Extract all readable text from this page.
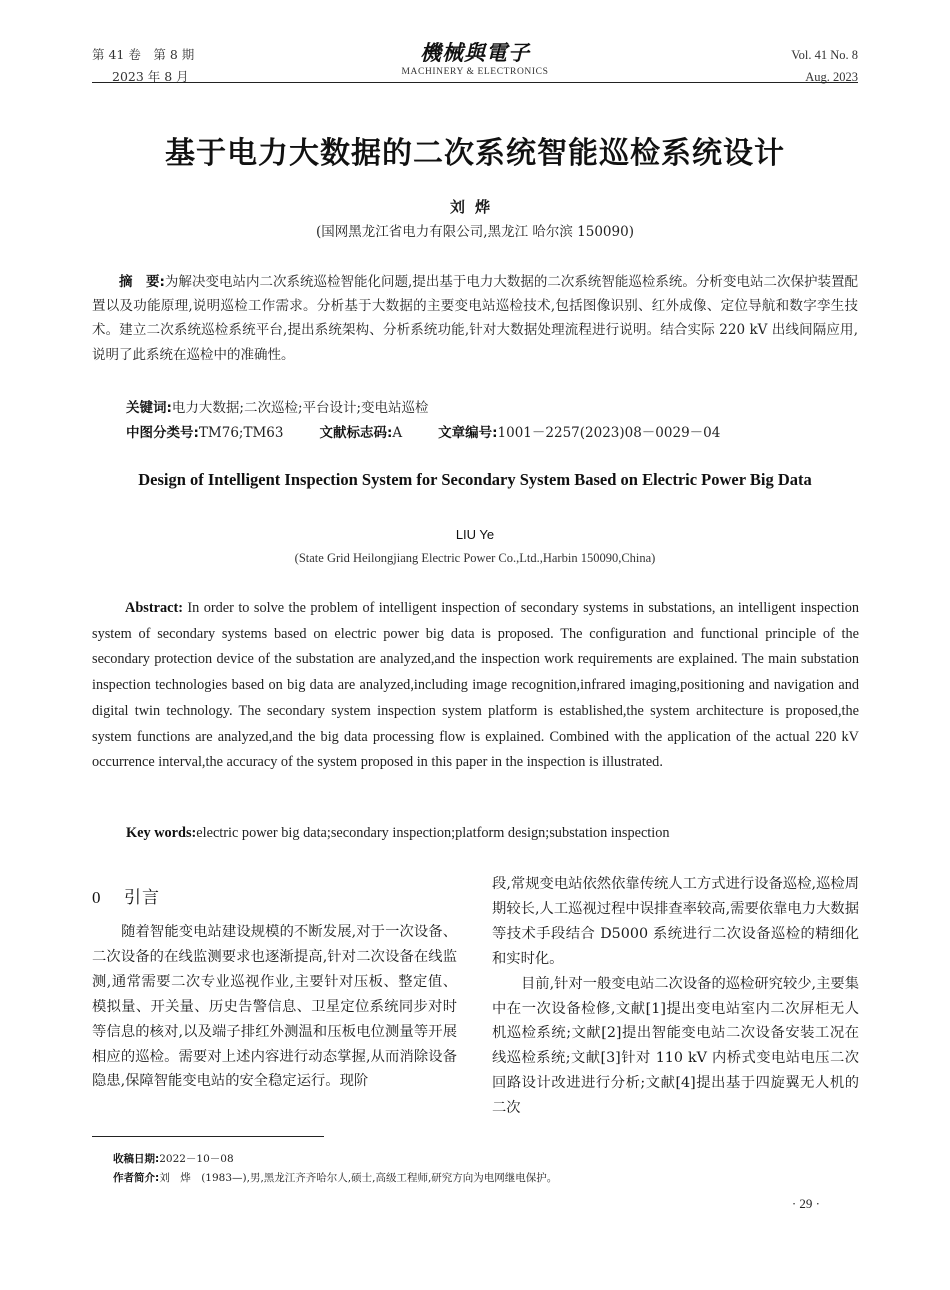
第 41 卷　第 8 期
2023 年 8 月
機械與電子
MACHINERY & ELECTRONICS
Vol. 41 No. 8
Aug. 2023
基于电力大数据的二次系统智能巡检系统设计
刘烨
(国网黑龙江省电力有限公司,黑龙江 哈尔滨 150090)
摘　要:为解决变电站内二次系统巡检智能化问题,提出基于电力大数据的二次系统智能巡检系统。分析变电站二次保护装置配置以及功能原理,说明巡检工作需求。分析基于大数据的主要变电站巡检技术,包括图像识别、红外成像、定位导航和数字孪生技术。建立二次系统巡检系统平台,提出系统架构、分析系统功能,针对大数据处理流程进行说明。结合实际 220 kV 出线间隔应用,说明了此系统在巡检中的准确性。
关键词:电力大数据;二次巡检;平台设计;变电站巡检
中图分类号:TM76;TM63	文献标志码:A	文章编号:1001－2257(2023)08－0029－04
Design of Intelligent Inspection System for Secondary System Based on Electric Power Big Data
LIU Ye
(State Grid Heilongjiang Electric Power Co.,Ltd.,Harbin 150090,China)
Abstract: In order to solve the problem of intelligent inspection of secondary systems in substations, an intelligent inspection system of secondary systems based on electric power big data is proposed. The configuration and functional principle of the secondary protection device of the substation are analyzed,and the inspection work requirements are explained. The main substation inspection technologies based on big data are analyzed,including image recognition,infrared imaging,positioning and navigation and digital twin technology. The secondary system inspection system platform is established,the system architecture is proposed,the system functions are analyzed,and the big data processing flow is explained. Combined with the application of the actual 220 kV occurrence interval,the accuracy of the system proposed in this paper in the inspection is illustrated.
Key words:electric power big data;secondary inspection;platform design;substation inspection
0 引言

随着智能变电站建设规模的不断发展,对于一次设备、二次设备的在线监测要求也逐渐提高,针对二次设备在线监测,通常需要二次专业巡视作业,主要针对压板、整定值、模拟量、开关量、历史告警信息、卫星定位系统同步对时等信息的核对,以及端子排红外测温和压板电位测量等开展相应的巡检。需要对上述内容进行动态掌握,从而消除设备隐患,保障智能变电站的安全稳定运行。现阶

段,常规变电站依然依靠传统人工方式进行设备巡检,巡检周期较长,人工巡视过程中误排查率较高,需要依靠电力大数据等技术手段结合 D5000 系统进行二次设备巡检的精细化和实时化。

目前,针对一般变电站二次设备的巡检研究较少,主要集中在一次设备检修,文献[1]提出变电站室内二次屏柜无人机巡检系统;文献[2]提出智能变电站二次设备安装工况在线巡检系统;文献[3]针对 110 kV 内桥式变电站电压二次回路设计改进进行分析;文献[4]提出基于四旋翼无人机的二次

收稿日期:2022－10－08
作者简介:刘　烨　(1983—),男,黑龙江齐齐哈尔人,硕士,高级工程师,研究方向为电网继电保护。
· 29 ·
